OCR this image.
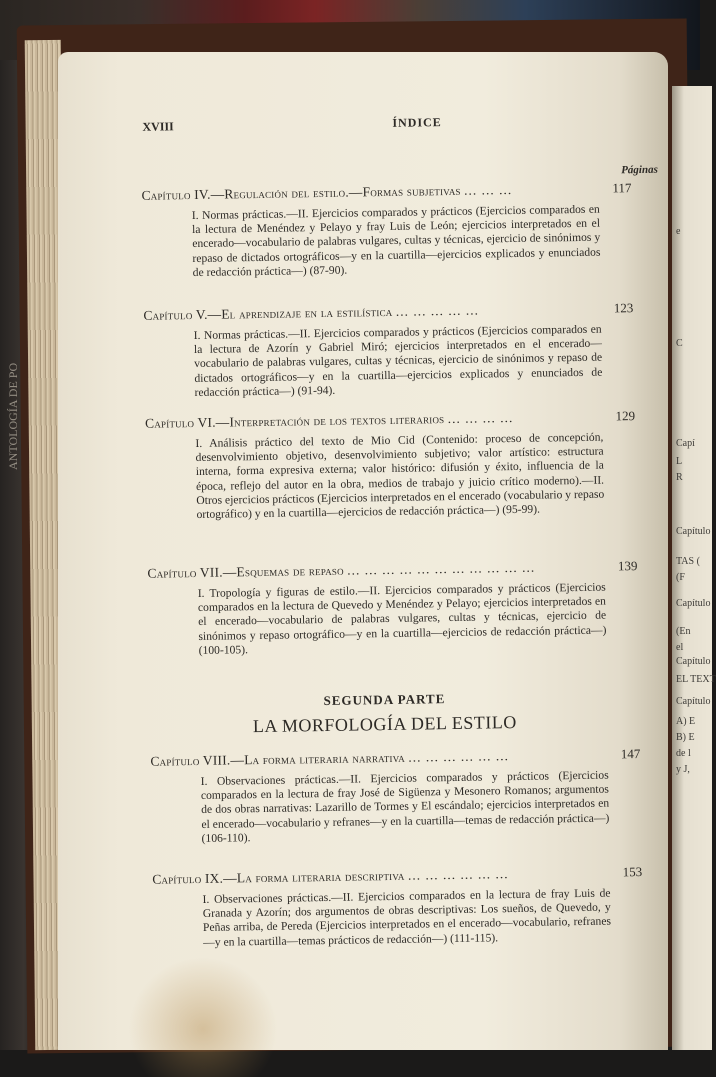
ANTOLOGÍA DE PO
e
C
Capí
L
R
Capítulo
TAS (
(F
Capítulo
(En
el
Capítulo
EL TEXT
Capítulo
A) E
B) E
de l
y J,
XVIII	ÍNDICE
Páginas
Capítulo IV.—Regulación del estilo.—Formas subjetivas ... ... ...	117
I. Normas prácticas.—II. Ejercicios comparados y prácticos (Ejercicios comparados en la lectura de Menéndez y Pelayo y fray Luis de León; ejercicios interpretados en el encerado—vocabulario de palabras vulgares, cultas y técnicas, ejercicio de sinónimos y repaso de dictados ortográficos—y en la cuartilla—ejercicios explicados y enunciados de redacción práctica—) (87-90).
Capítulo V.—El aprendizaje en la estilística ... ... ... ... ...	123
I. Normas prácticas.—II. Ejercicios comparados y prácticos (Ejercicios comparados en la lectura de Azorín y Gabriel Miró; ejercicios interpretados en el encerado—vocabulario de palabras vulgares, cultas y técnicas, ejercicio de sinónimos y repaso de dictados ortográficos—y en la cuartilla—ejercicios explicados y enunciados de redacción práctica—) (91-94).
Capítulo VI.—Interpretación de los textos literarios ... ... ... ...	129
I. Análisis práctico del texto de Mio Cid (Contenido: proceso de concepción, desenvolvimiento objetivo, desenvolvimiento subjetivo; valor artístico: estructura interna, forma expresiva externa; valor histórico: difusión y éxito, influencia de la época, reflejo del autor en la obra, medios de trabajo y juicio crítico moderno).—II. Otros ejercicios prácticos (Ejercicios interpretados en el encerado (vocabulario y repaso ortográfico) y en la cuartilla—ejercicios de redacción práctica—) (95-99).
Capítulo VII.—Esquemas de repaso ... ... ... ... ... ... ... ... ... ... ...	139
I. Tropología y figuras de estilo.—II. Ejercicios comparados y prácticos (Ejercicios comparados en la lectura de Quevedo y Menéndez y Pelayo; ejercicios interpretados en el encerado—vocabulario de palabras vulgares, cultas y técnicas, ejercicio de sinónimos y repaso ortográfico—y en la cuartilla—ejercicios de redacción práctica—) (100-105).
SEGUNDA PARTE
LA MORFOLOGÍA DEL ESTILO
Capítulo VIII.—La forma literaria narrativa ... ... ... ... ... ...	147
I. Observaciones prácticas.—II. Ejercicios comparados y prácticos (Ejercicios comparados en la lectura de fray José de Sigüenza y Mesonero Romanos; argumentos de dos obras narrativas: Lazarillo de Tormes y El escándalo; ejercicios interpretados en el encerado—vocabulario y refranes—y en la cuartilla—temas de redacción práctica—) (106-110).
Capítulo IX.—La forma literaria descriptiva ... ... ... ... ... ...	153
I. Observaciones prácticas.—II. Ejercicios comparados en la lectura de fray Luis de Granada y Azorín; dos argumentos de obras descriptivas: Los sueños, de Quevedo, y Peñas arriba, de Pereda (Ejercicios interpretados en el encerado—vocabulario, refranes—y en la cuartilla—temas prácticos de redacción—) (111-115).
